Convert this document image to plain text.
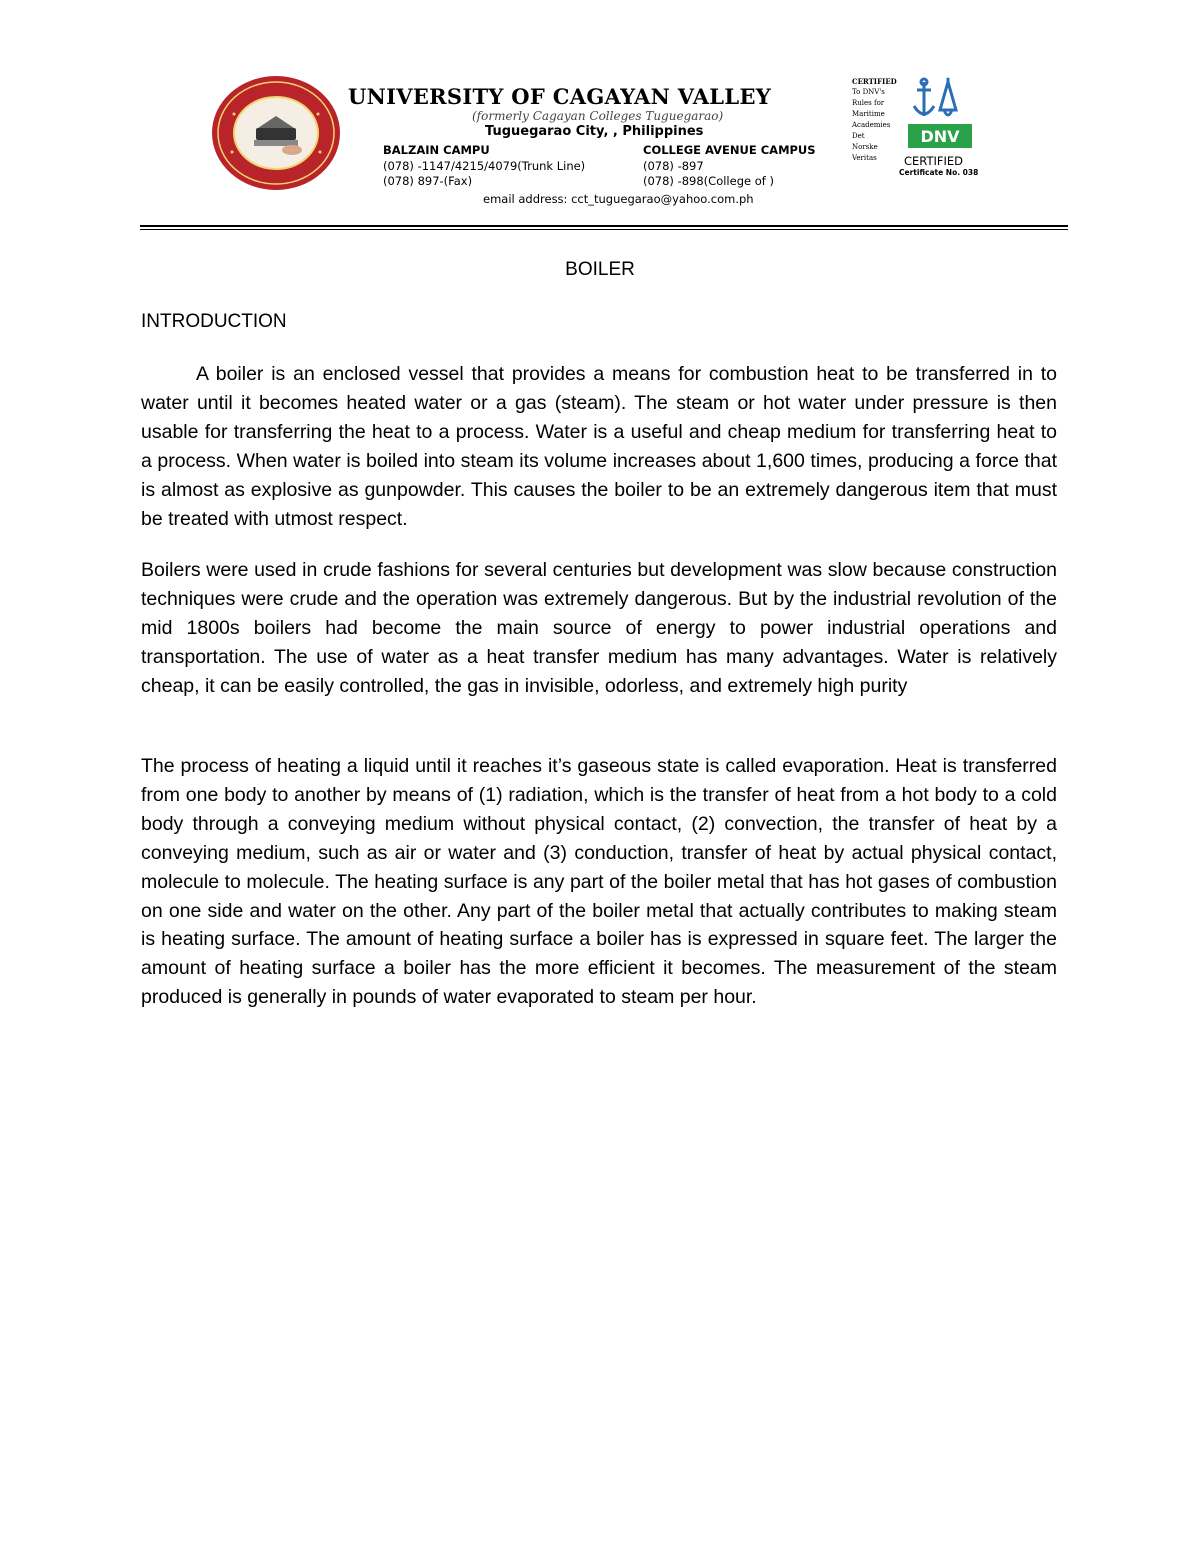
UNIVERSITY OF CAGAYAN VALLEY
(formerly Cagayan Colleges Tuguegarao)
Tuguegarao City, , Philippines
BALZAIN CAMPU
(078) -1147/4215/4079(Trunk Line)
(078) 897-(Fax)
COLLEGE AVENUE CAMPUS
(078) -897
(078) -898(College of )
email address: cct_tuguegarao@yahoo.com.ph
CERTIFIED
To DNV's
Rules for
Maritime
Academies
Det
Norske
Veritas
DNV
CERTIFIED
Certificate No. 038
BOILER
INTRODUCTION

A boiler is an enclosed vessel that provides a means for combustion heat to be transferred in to water until it becomes heated water or a gas (steam). The steam or hot water under pressure is then usable for transferring the heat to a process. Water is a useful and cheap medium for transferring heat to a process. When water is boiled into steam its volume increases about 1,600 times, producing a force that is almost as explosive as gunpowder. This causes the boiler to be an extremely dangerous item that must be treated with utmost respect.

Boilers were used in crude fashions for several centuries but development was slow because construction techniques were crude and the operation was extremely dangerous. But by the industrial revolution of the mid 1800s boilers had become the main source of energy to power industrial operations and transportation. The use of water as a heat transfer medium has many advantages. Water is relatively cheap, it can be easily controlled, the gas in invisible, odorless, and extremely high purity

The process of heating a liquid until it reaches it’s gaseous state is called evaporation. Heat is transferred from one body to another by means of (1) radiation, which is the transfer of heat from a hot body to a cold body through a conveying medium without physical contact, (2) convection, the transfer of heat by a conveying medium, such as air or water and (3) conduction, transfer of heat by actual physical contact, molecule to molecule. The heating surface is any part of the boiler metal that has hot gases of combustion on one side and water on the other. Any part of the boiler metal that actually contributes to making steam is heating surface. The amount of heating surface a boiler has is expressed in square feet. The larger the amount of heating surface a boiler has the more efficient it becomes. The measurement of the steam produced is generally in pounds of water evaporated to steam per hour.
